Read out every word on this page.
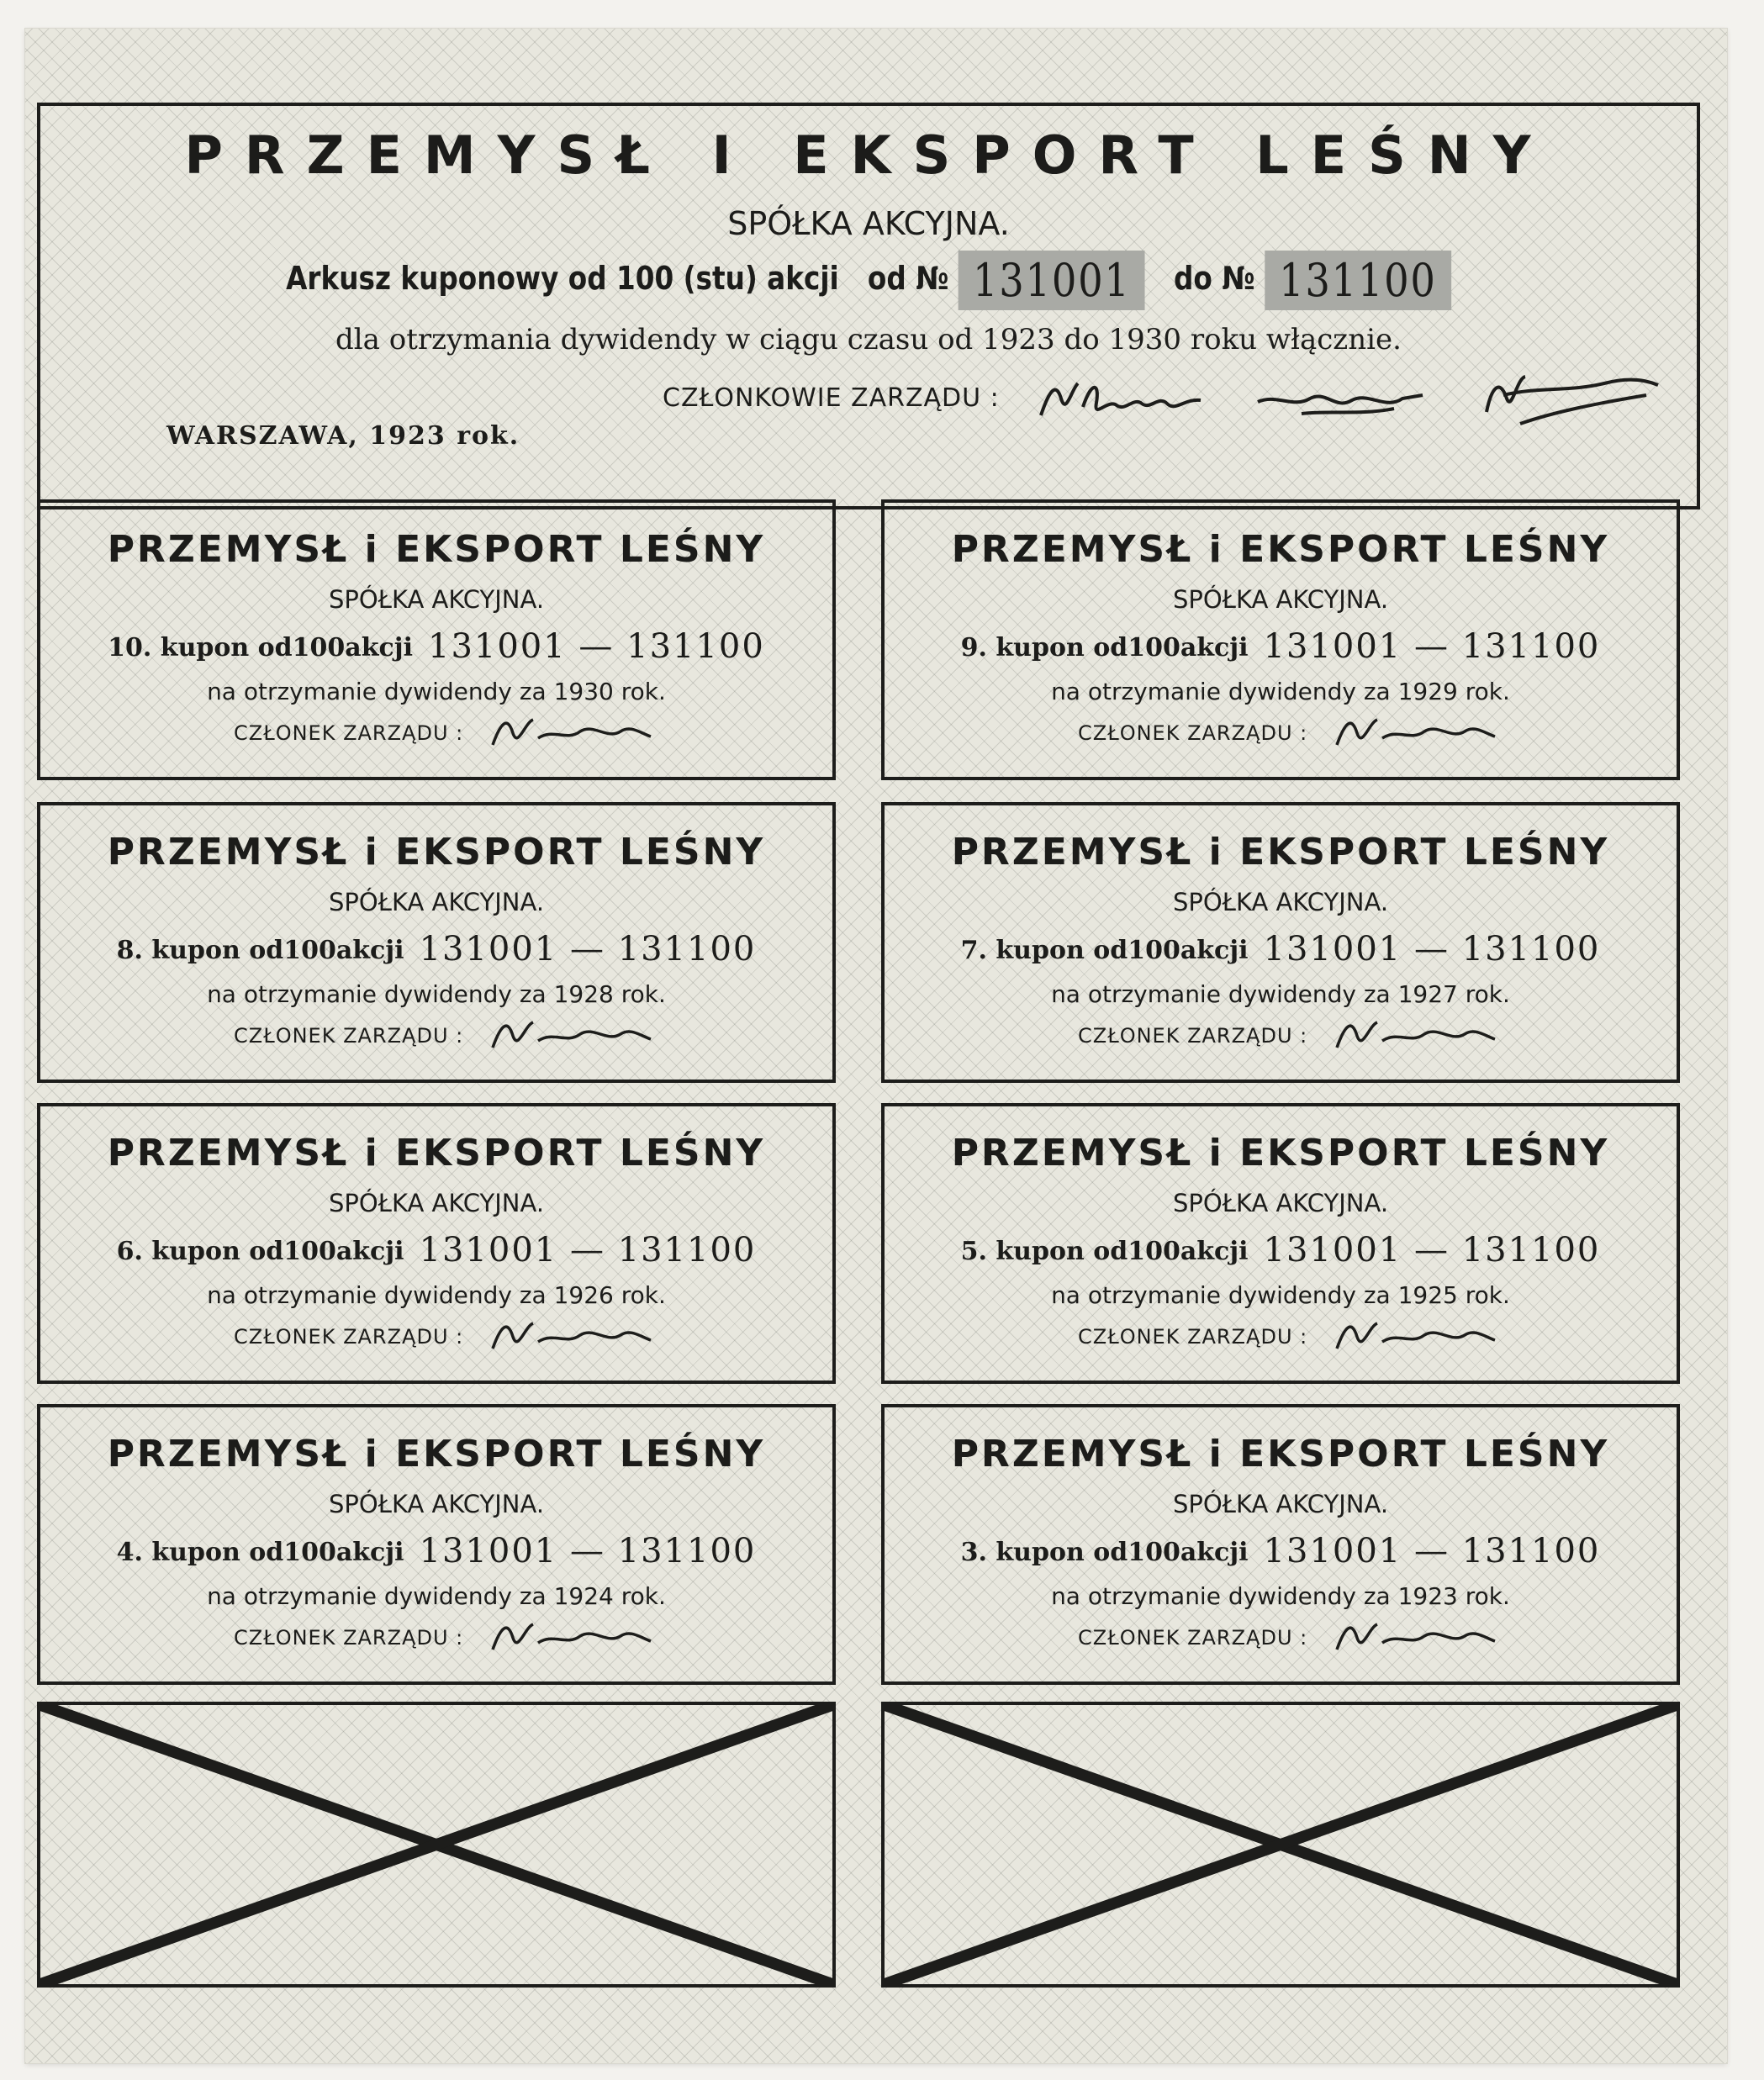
PRZEMYSŁ I EKSPORT LEŚNY
SPÓŁKA AKCYJNA.
Arkusz kuponowy od 100 (stu) akcji od № 131001 do № 131100
dla otrzymania dywidendy w ciągu czasu od 1923 do 1930 roku włącznie.
CZŁONKOWIE ZARZĄDU :
WARSZAWA, 1923 rok.
PRZEMYSŁ i EKSPORT LEŚNY
SPÓŁKA AKCYJNA.
10. kupon od100akcji 131001 — 131100
na otrzymanie dywidendy za 1930 rok.
CZŁONEK ZARZĄDU :
PRZEMYSŁ i EKSPORT LEŚNY
SPÓŁKA AKCYJNA.
9. kupon od100akcji 131001 — 131100
na otrzymanie dywidendy za 1929 rok.
CZŁONEK ZARZĄDU :
PRZEMYSŁ i EKSPORT LEŚNY
SPÓŁKA AKCYJNA.
8. kupon od100akcji 131001 — 131100
na otrzymanie dywidendy za 1928 rok.
CZŁONEK ZARZĄDU :
PRZEMYSŁ i EKSPORT LEŚNY
SPÓŁKA AKCYJNA.
7. kupon od100akcji 131001 — 131100
na otrzymanie dywidendy za 1927 rok.
CZŁONEK ZARZĄDU :
PRZEMYSŁ i EKSPORT LEŚNY
SPÓŁKA AKCYJNA.
6. kupon od100akcji 131001 — 131100
na otrzymanie dywidendy za 1926 rok.
CZŁONEK ZARZĄDU :
PRZEMYSŁ i EKSPORT LEŚNY
SPÓŁKA AKCYJNA.
5. kupon od100akcji 131001 — 131100
na otrzymanie dywidendy za 1925 rok.
CZŁONEK ZARZĄDU :
PRZEMYSŁ i EKSPORT LEŚNY
SPÓŁKA AKCYJNA.
4. kupon od100akcji 131001 — 131100
na otrzymanie dywidendy za 1924 rok.
CZŁONEK ZARZĄDU :
PRZEMYSŁ i EKSPORT LEŚNY
SPÓŁKA AKCYJNA.
3. kupon od100akcji 131001 — 131100
na otrzymanie dywidendy za 1923 rok.
CZŁONEK ZARZĄDU :
